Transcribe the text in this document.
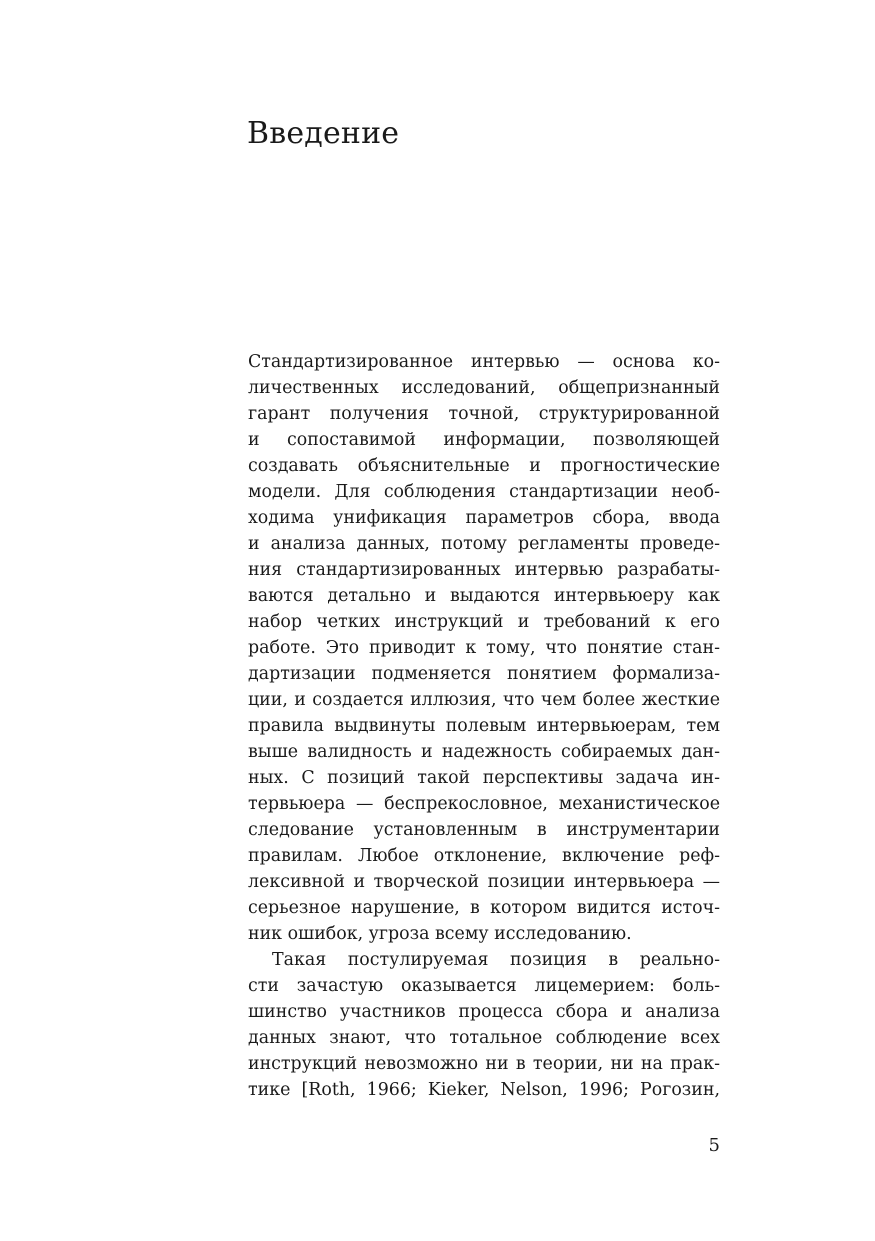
Введение
Стандартизированное интервью — основа ко-
личественных исследований, общепризнанный
гарант получения точной, структурированной
и сопоставимой информации, позволяющей
создавать объяснительные и прогностические
модели. Для соблюдения стандартизации необ-
ходима унификация параметров сбора, ввода
и анализа данных, потому регламенты проведе-
ния стандартизированных интервью разрабаты-
ваются детально и выдаются интервьюеру как
набор четких инструкций и требований к его
работе. Это приводит к тому, что понятие стан-
дартизации подменяется понятием формализа-
ции, и создается иллюзия, что чем более жесткие
правила выдвинуты полевым интервьюерам, тем
выше валидность и надежность собираемых дан-
ных. С позиций такой перспективы задача ин-
тервьюера — беспрекословное, механистическое
следование установленным в инструментарии
правилам. Любое отклонение, включение реф-
лексивной и творческой позиции интервьюера —
серьезное нарушение, в котором видится источ-
ник ошибок, угроза всему исследованию.
Такая постулируемая позиция в реально-
сти зачастую оказывается лицемерием: боль-
шинство участников процесса сбора и анализа
данных знают, что тотальное соблюдение всех
инструкций невозможно ни в теории, ни на прак-
тике [Roth, 1966; Kieker, Nelson, 1996; Рогозин,
5
